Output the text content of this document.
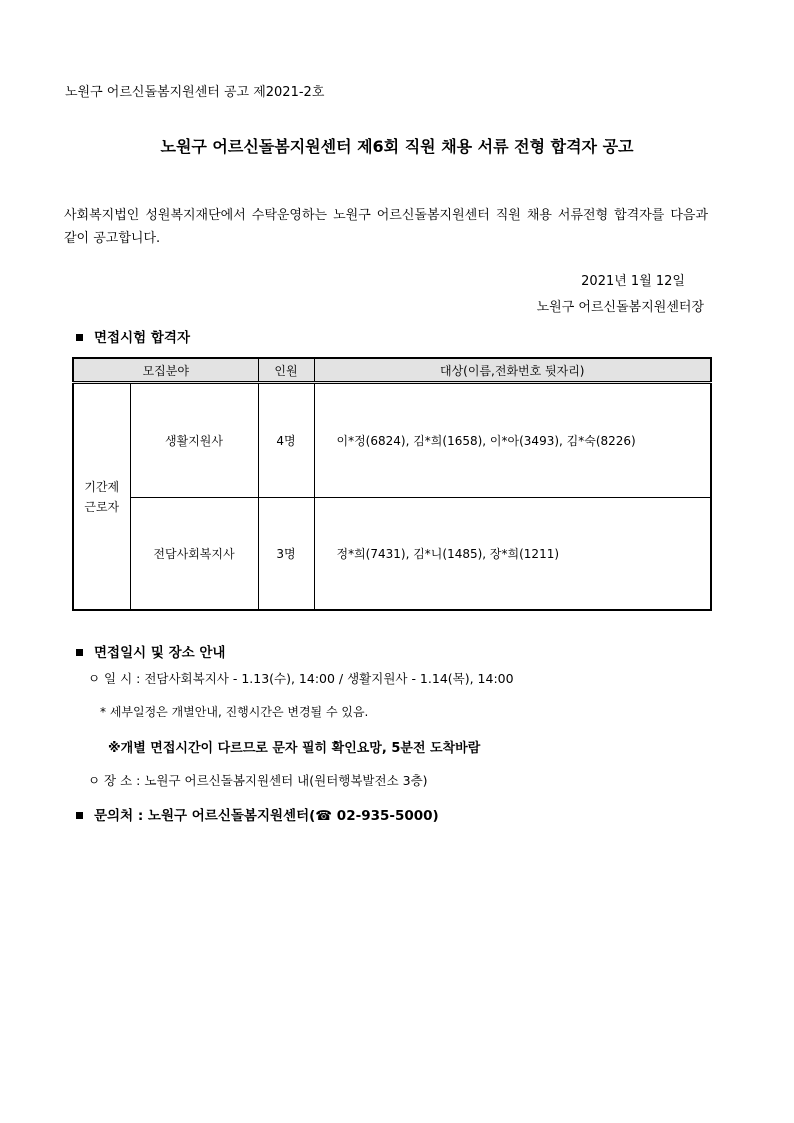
노원구 어르신돌봄지원센터 공고 제2021-2호
노원구 어르신돌봄지원센터 제6회 직원 채용 서류 전형 합격자 공고
사회복지법인 성원복지재단에서 수탁운영하는 노원구 어르신돌봄지원센터 직원 채용 서류전형 합격자를 다음과 같이 공고합니다.
2021년 1월 12일
노원구 어르신돌봄지원센터장
면접시험 합격자
모집분야		인원	대상(이름,전화번호 뒷자리)
기간제
근로자	생활지원사	4명	이*정(6824), 김*희(1658), 이*아(3493), 김*숙(8226)
	전담사회복지사	3명	정*희(7431), 김*니(1485), 장*희(1211)
면접일시 및 장소 안내
ㅇ 일 시 : 전담사회복지사 - 1.13(수), 14:00 / 생활지원사 - 1.14(목), 14:00
* 세부일정은 개별안내, 진행시간은 변경될 수 있음.
※개별 면접시간이 다르므로 문자 필히 확인요망, 5분전 도착바람
ㅇ 장 소 : 노원구 어르신돌봄지원센터 내(원터행복발전소 3층)
문의처 : 노원구 어르신돌봄지원센터(☎ 02-935-5000)
